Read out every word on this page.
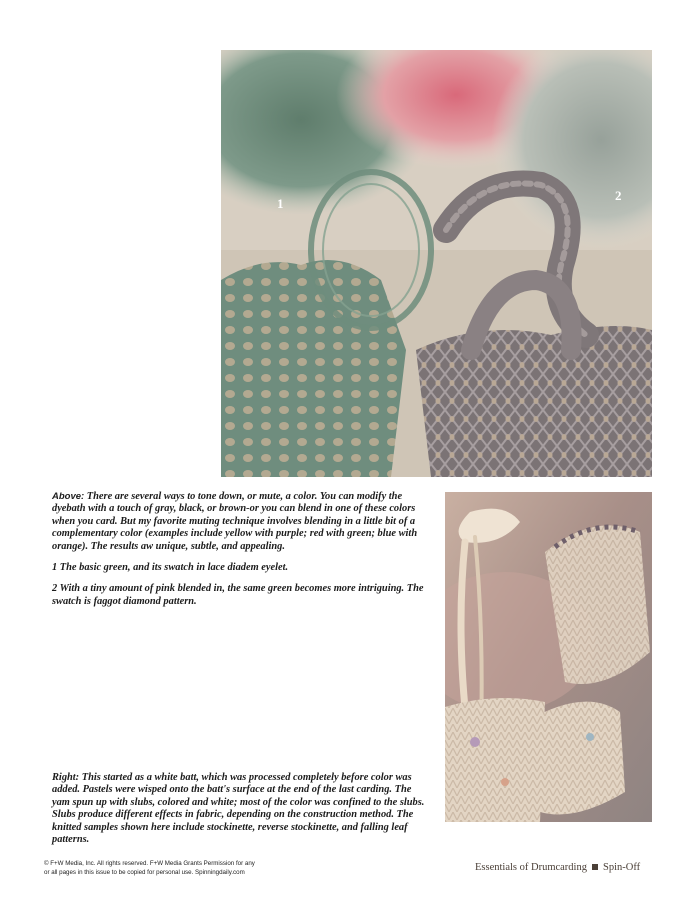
1
2

Above: There are several ways to tone down, or mute, a color. You can modify the dyebath with a touch of gray, black, or brown-or you can blend in one of these colors when you card. But my favorite muting technique involves blending in a little bit of a complementary color (examples include yellow with purple; red with green; blue with orange). The results aw unique, subtle, and appealing.

1 The basic green, and its swatch in lace diadem eyelet.

2 With a tiny amount of pink blended in, the same green becomes more intriguing. The swatch is faggot diamond pattern.

Right: This started as a white batt, which was processed completely before color was added. Pastels were wisped onto the batt's surface at the end of the last carding. The yam spun up with slubs, colored and white; most of the color was confined to the slubs. Slubs produce different effects in fabric, depending on the construction method. The knitted samples shown here include stockinette, reverse stockinette, and falling leaf patterns.

© F+W Media, Inc. All rights reserved. F+W Media Grants Permission for any
or all pages in this issue to be copied for personal use. Spinningdaily.com	Essentials of Drumcarding Spin-Off
